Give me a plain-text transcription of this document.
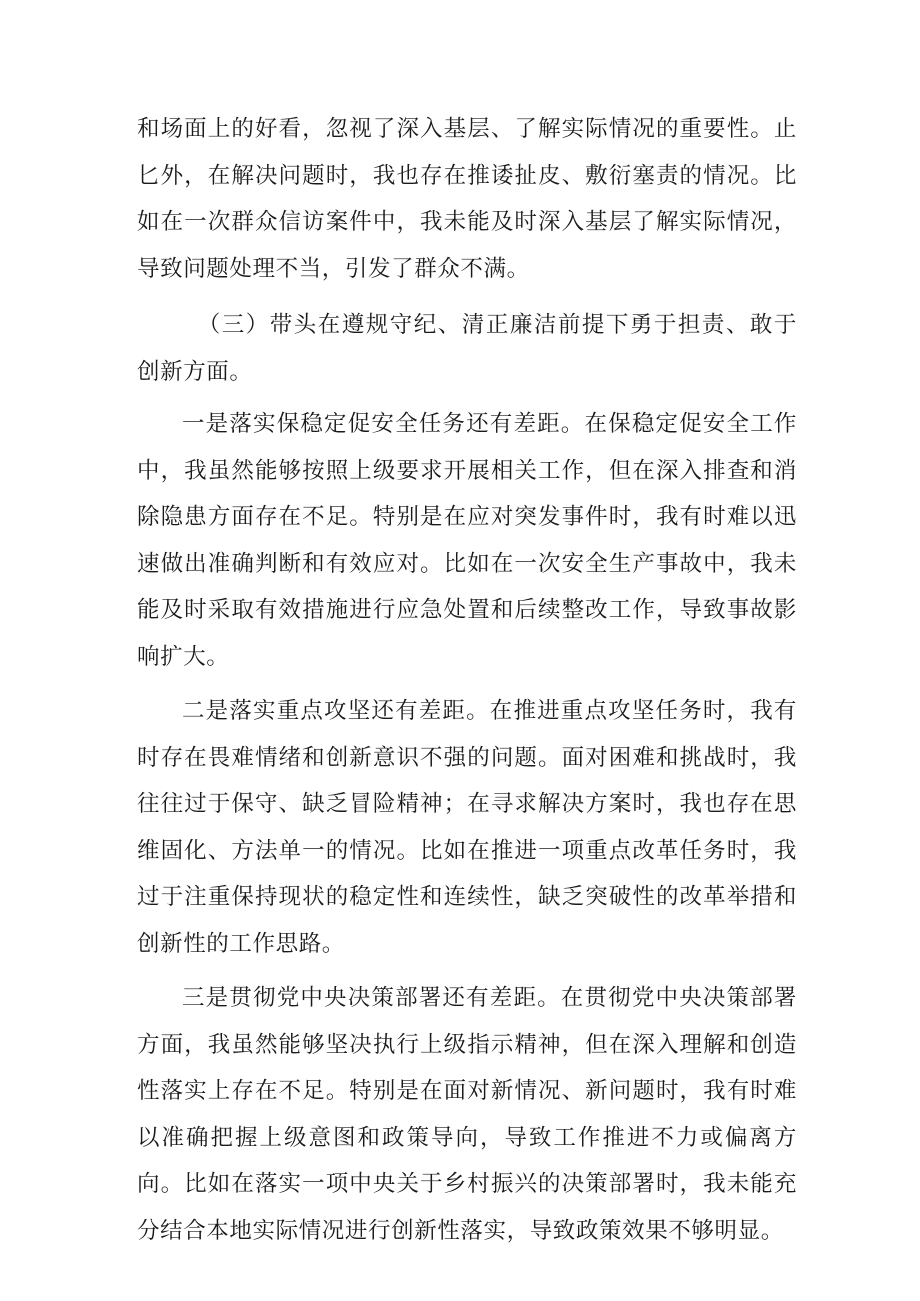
和场面上的好看，忽视了深入基层、了解实际情况的重要性。止匕外，在解决问题时，我也存在推诿扯皮、敷衍塞责的情况。比如在一次群众信访案件中，我未能及时深入基层了解实际情况，导致问题处理不当，引发了群众不满。

（三）带头在遵规守纪、清正廉洁前提下勇于担责、敢于创新方面。

一是落实保稳定促安全任务还有差距。在保稳定促安全工作中，我虽然能够按照上级要求开展相关工作，但在深入排查和消除隐患方面存在不足。特别是在应对突发事件时，我有时难以迅速做出准确判断和有效应对。比如在一次安全生产事故中，我未能及时采取有效措施进行应急处置和后续整改工作，导致事故影响扩大。

二是落实重点攻坚还有差距。在推进重点攻坚任务时，我有时存在畏难情绪和创新意识不强的问题。面对困难和挑战时，我往往过于保守、缺乏冒险精神；在寻求解决方案时，我也存在思维固化、方法单一的情况。比如在推进一项重点改革任务时，我过于注重保持现状的稳定性和连续性，缺乏突破性的改革举措和创新性的工作思路。

三是贯彻党中央决策部署还有差距。在贯彻党中央决策部署方面，我虽然能够坚决执行上级指示精神，但在深入理解和创造性落实上存在不足。特别是在面对新情况、新问题时，我有时难以准确把握上级意图和政策导向，导致工作推进不力或偏离方向。比如在落实一项中央关于乡村振兴的决策部署时，我未能充分结合本地实际情况进行创新性落实，导致政策效果不够明显。
